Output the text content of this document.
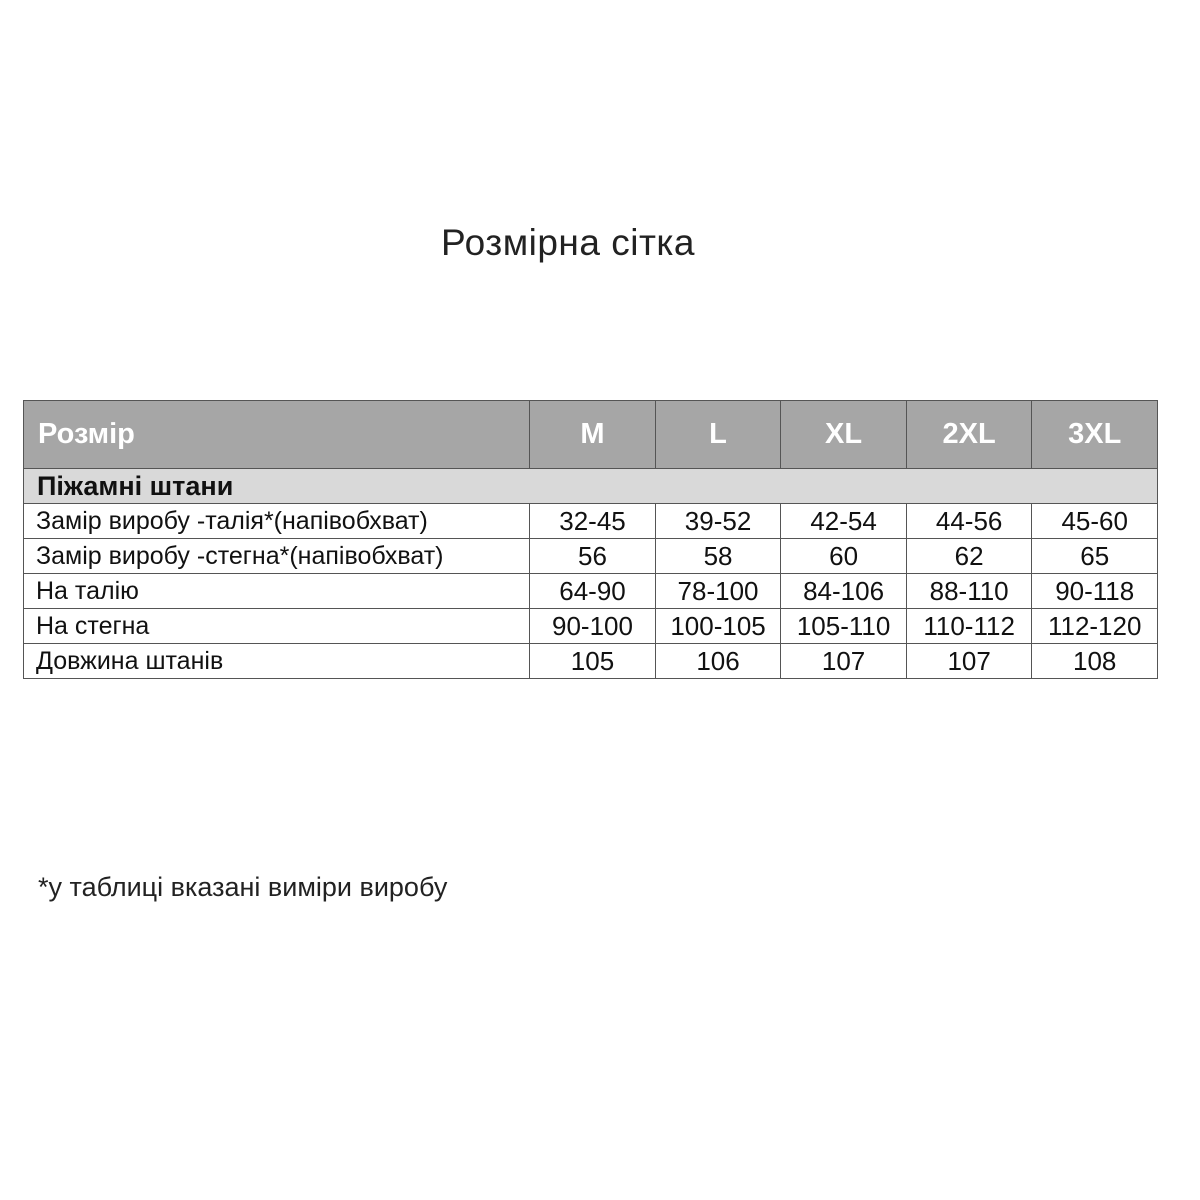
Розмірна сітка
Розмір	M	L	XL	2XL	3XL
Піжамні штани					
Замір виробу -талія*(напівобхват)	32-45	39-52	42-54	44-56	45-60
Замір виробу -стегна*(напівобхват)	56	58	60	62	65
На талію	64-90	78-100	84-106	88-110	90-118
На стегна	90-100	100-105	105-110	110-112	112-120
Довжина штанів	105	106	107	107	108

*у таблиці вказані виміри виробу
